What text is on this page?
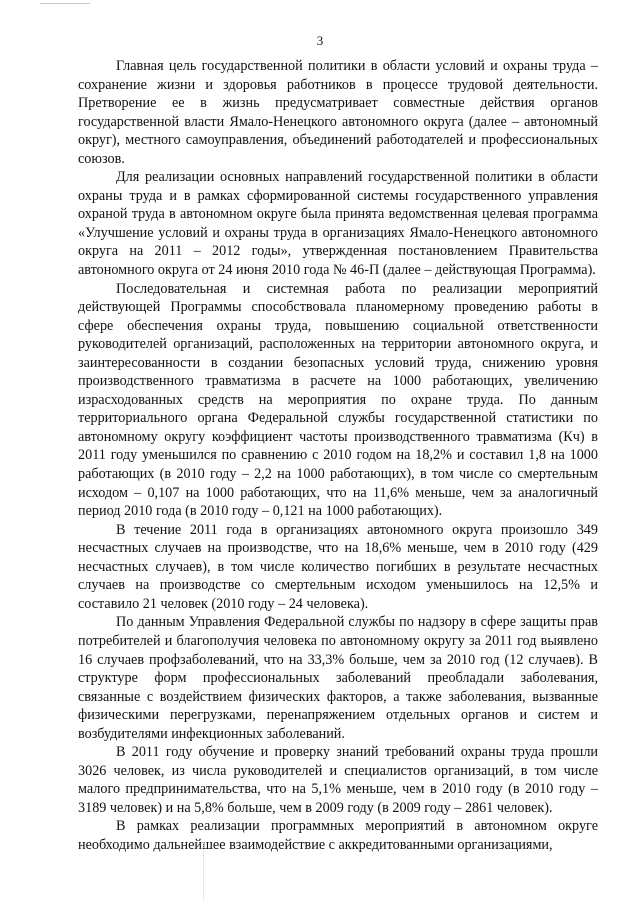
3

Главная цель государственной политики в области условий и охраны труда – сохранение жизни и здоровья работников в процессе трудовой деятельности. Претворение ее в жизнь предусматривает совместные действия органов государственной власти Ямало-Ненецкого автономного округа (далее – автономный округ), местного самоуправления, объединений работодателей и профессиональных союзов.

Для реализации основных направлений государственной политики в области охраны труда и в рамках сформированной системы государственного управления охраной труда в автономном округе была принята ведомственная целевая программа «Улучшение условий и охраны труда в организациях Ямало-Ненецкого автономного округа на 2011 – 2012 годы», утвержденная постановлением Правительства автономного округа от 24 июня 2010 года № 46-П (далее – действующая Программа).

Последовательная и системная работа по реализации мероприятий действующей Программы способствовала планомерному проведению работы в сфере обеспечения охраны труда, повышению социальной ответственности руководителей организаций, расположенных на территории автономного округа, и заинтересованности в создании безопасных условий труда, снижению уровня производственного травматизма в расчете на 1000 работающих, увеличению израсходованных средств на мероприятия по охране труда. По данным территориального органа Федеральной службы государственной статистики по автономному округу коэффициент частоты производственного травматизма (Кч) в 2011 году уменьшился по сравнению с 2010 годом на 18,2% и составил 1,8 на 1000 работающих (в 2010 году – 2,2 на 1000 работающих), в том числе со смертельным исходом – 0,107 на 1000 работающих, что на 11,6% меньше, чем за аналогичный период 2010 года (в 2010 году – 0,121 на 1000 работающих).

В течение 2011 года в организациях автономного округа произошло 349 несчастных случаев на производстве, что на 18,6% меньше, чем в 2010 году (429 несчастных случаев), в том числе количество погибших в результате несчастных случаев на производстве со смертельным исходом уменьшилось на 12,5% и составило 21 человек (2010 году – 24 человека).

По данным Управления Федеральной службы по надзору в сфере защиты прав потребителей и благополучия человека по автономному округу за 2011 год выявлено 16 случаев профзаболеваний, что на 33,3% больше, чем за 2010 год (12 случаев). В структуре форм профессиональных заболеваний преобладали заболевания, связанные с воздействием физических факторов, а также заболевания, вызванные физическими перегрузками, перенапряжением отдельных органов и систем и возбудителями инфекционных заболеваний.

В 2011 году обучение и проверку знаний требований охраны труда прошли 3026 человек, из числа руководителей и специалистов организаций, в том числе малого предпринимательства, что на 5,1% меньше, чем в 2010 году (в 2010 году – 3189 человек) и на 5,8% больше, чем в 2009 году (в 2009 году – 2861 человек).

В рамках реализации программных мероприятий в автономном округе необходимо дальнейшее взаимодействие с аккредитованными организациями,
